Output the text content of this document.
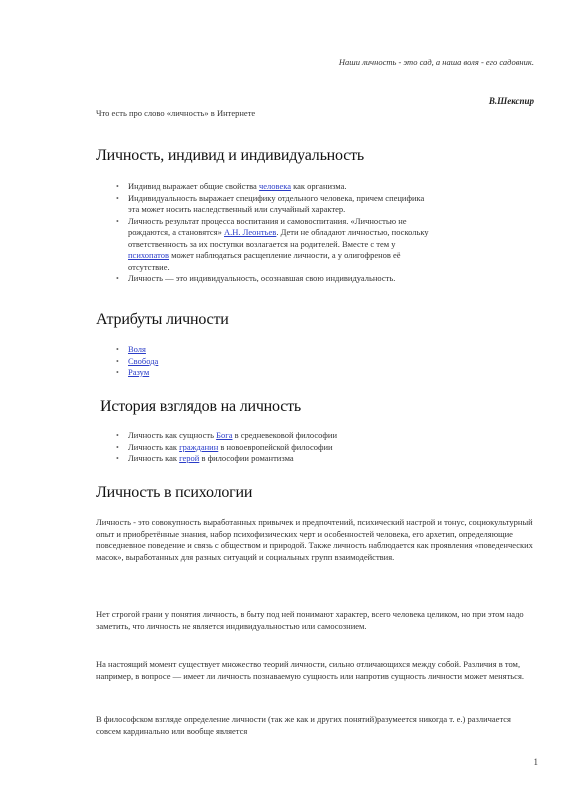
Наши личность - это сад, а наша воля - его садовник.
В.Шекспир
Что есть про слово «личность» в Интернете
Личность, индивид и индивидуальность
• Индивид выражает общие свойства человека как организма.
• Индивидуальность выражает специфику отдельного человека, причем специфика
эта может носить наследственный или случайный характер.
• Личность результат процесса воспитания и самовоспитания. «Личностью не
рождаются, а становятся» А.Н. Леонтьев. Дети не обладают личностью, поскольку
ответственность за их поступки возлагается на родителей. Вместе с тем у
психопатов может наблюдаться расщепление личности, а у олигофренов её
отсутствие.
• Личность — это индивидуальность, осознавшая свою индивидуальность.
Атрибуты личности
• Воля
• Свобода
• Разум
История взглядов на личность
• Личность как сущность Бога в средневековой философии
• Личность как гражданин в новоевропейской философии
• Личность как герой в философии романтизма
Личность в психологии

Личность - это совокупность выработанных привычек и предпочтений, психический настрой и тонус, социокультурный опыт и приобретённые знания, набор психофизических черт и особенностей человека, его архетип, определяющие повседневное поведение и связь с обществом и природой. Также личность наблюдается как проявления «поведенческих масок», выработанных для разных ситуаций и социальных групп взаимодействия.

Нет строгой грани у понятия личность, в быту под ней понимают характер, всего человека целиком, но при этом надо заметить, что личность не является индивидуальностью или самосознием.

На настоящий момент существует множество теорий личности, сильно отличающихся между собой. Различия в том, например, в вопросе — имеет ли личность познаваемую сущность или напротив сущность личности может меняться.

В философском взгляде определение личности (так же как и других понятий)разумеется никогда т. е.) различается совсем кардинально или вообще является

1
